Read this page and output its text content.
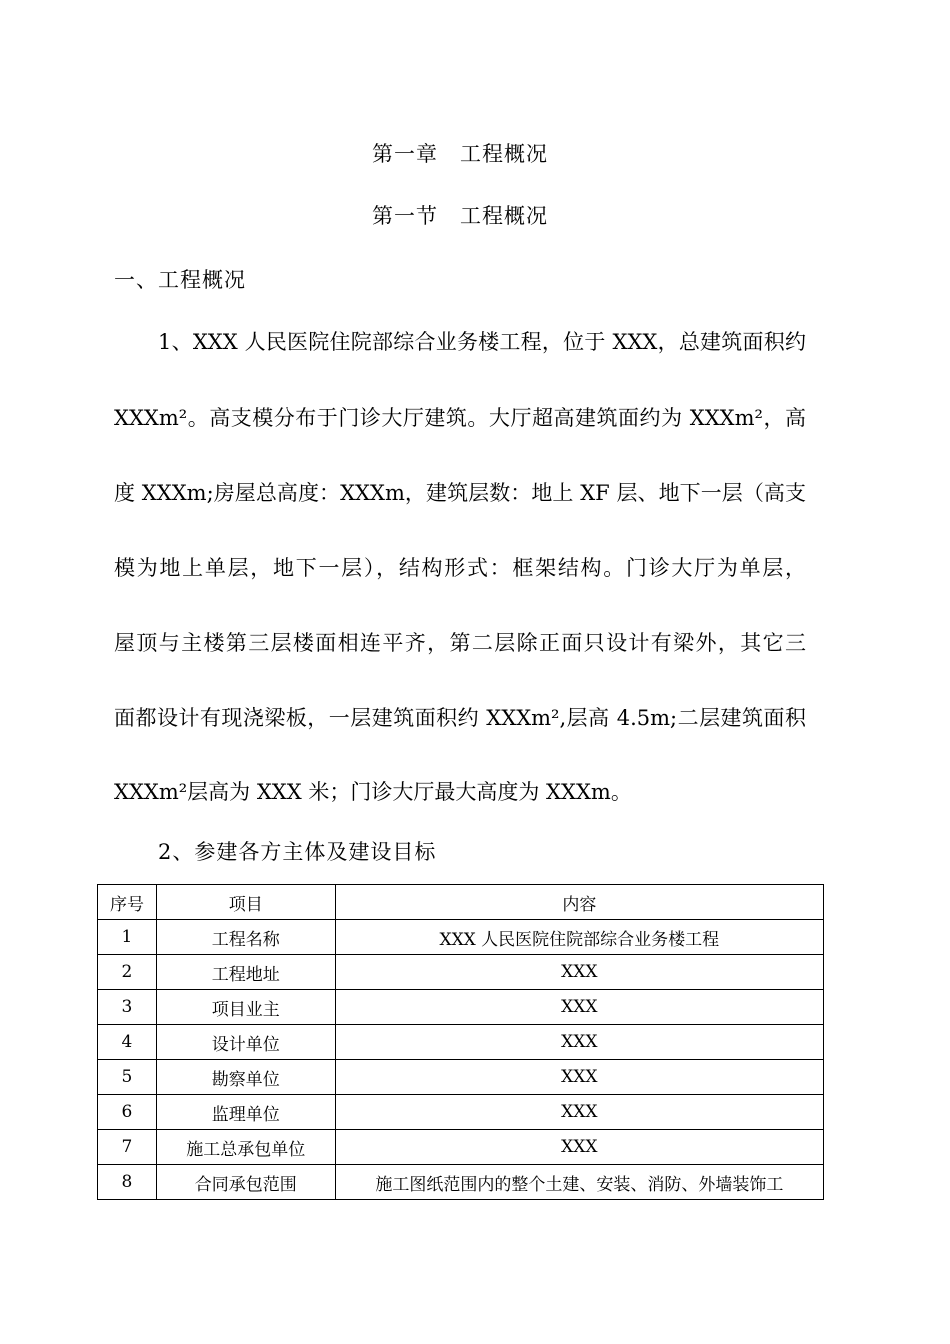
第一章　工程概况
第一节　工程概况
一、工程概况
1、XXX 人民医院住院部综合业务楼工程，位于 XXX，总建筑面积约
XXXm²。高支模分布于门诊大厅建筑。大厅超高建筑面约为 XXXm²，高
度 XXXm;房屋总高度：XXXm，建筑层数：地上 XF 层、地下一层（高支
模为地上单层，地下一层），结构形式：框架结构。门诊大厅为单层，
屋顶与主楼第三层楼面相连平齐，第二层除正面只设计有梁外，其它三
面都设计有现浇梁板，一层建筑面积约 XXXm²,层高 4.5m;二层建筑面积
XXXm²层高为 XXX 米；门诊大厅最大高度为 XXXm。
2、参建各方主体及建设目标
序号	项目	内容
1	工程名称	XXX 人民医院住院部综合业务楼工程
2	工程地址	XXX
3	项目业主	XXX
4	设计单位	XXX
5	勘察单位	XXX
6	监理单位	XXX
7	施工总承包单位	XXX
8	合同承包范围	施工图纸范围内的整个土建、安装、消防、外墙装饰工
